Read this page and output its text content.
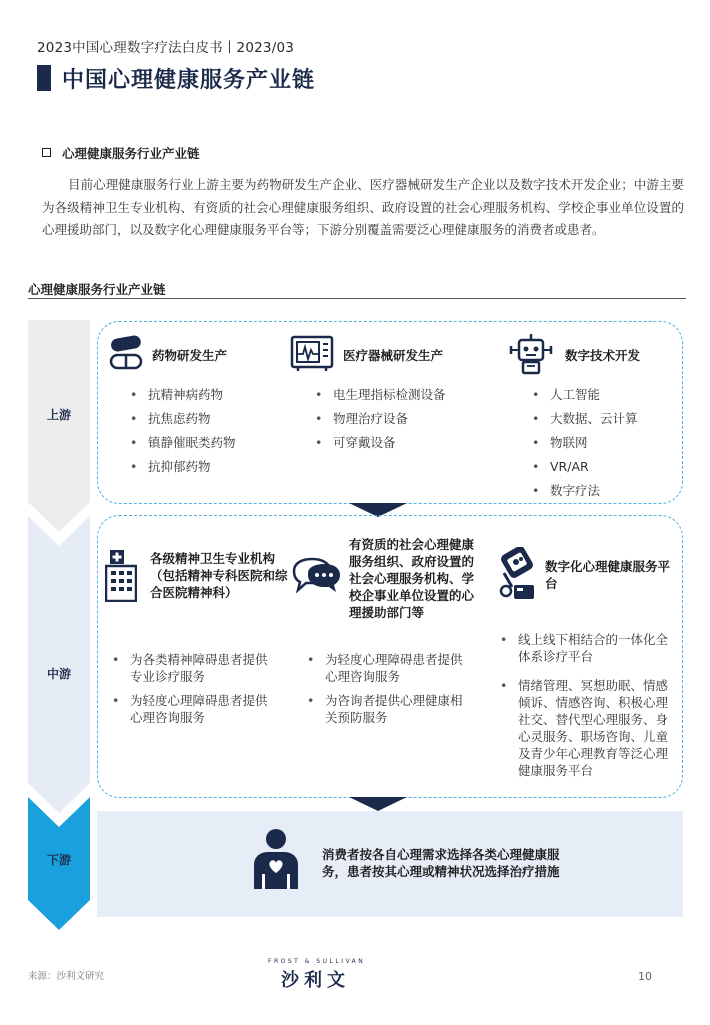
2023中国心理数字疗法白皮书丨2023/03
中国心理健康服务产业链
心理健康服务行业产业链
目前心理健康服务行业上游主要为药物研发生产企业、医疗器械研发生产企业以及数字技术开发企业；中游主要为各级精神卫生专业机构、有资质的社会心理健康服务组织、政府设置的社会心理服务机构、学校企事业单位设置的心理援助部门，以及数字化心理健康服务平台等；下游分别覆盖需要泛心理健康服务的消费者或患者。
心理健康服务行业产业链
上游
中游
下游
药物研发生产
• 抗精神病药物
• 抗焦虑药物
• 镇静催眠类药物
• 抗抑郁药物
医疗器械研发生产
• 电生理指标检测设备
• 物理治疗设备
• 可穿戴设备
数字技术开发
• 人工智能
• 大数据、云计算
• 物联网
• VR/AR
• 数字疗法
各级精神卫生专业机构（包括精神专科医院和综合医院精神科）
• 为各类精神障碍患者提供专业诊疗服务
• 为轻度心理障碍患者提供心理咨询服务
有资质的社会心理健康服务组织、政府设置的社会心理服务机构、学校企事业单位设置的心理援助部门等
• 为轻度心理障碍患者提供心理咨询服务
• 为咨询者提供心理健康相关预防服务
数字化心理健康服务平台
• 线上线下相结合的一体化全体系诊疗平台
• 情绪管理、冥想助眠、情感倾诉、情感咨询、积极心理社交、替代型心理服务、身心灵服务、职场咨询、儿童及青少年心理教育等泛心理健康服务平台
消费者按各自心理需求选择各类心理健康服务，患者按其心理或精神状况选择治疗措施
来源：沙利文研究
FROST & SULLIVAN
沙利文	10
